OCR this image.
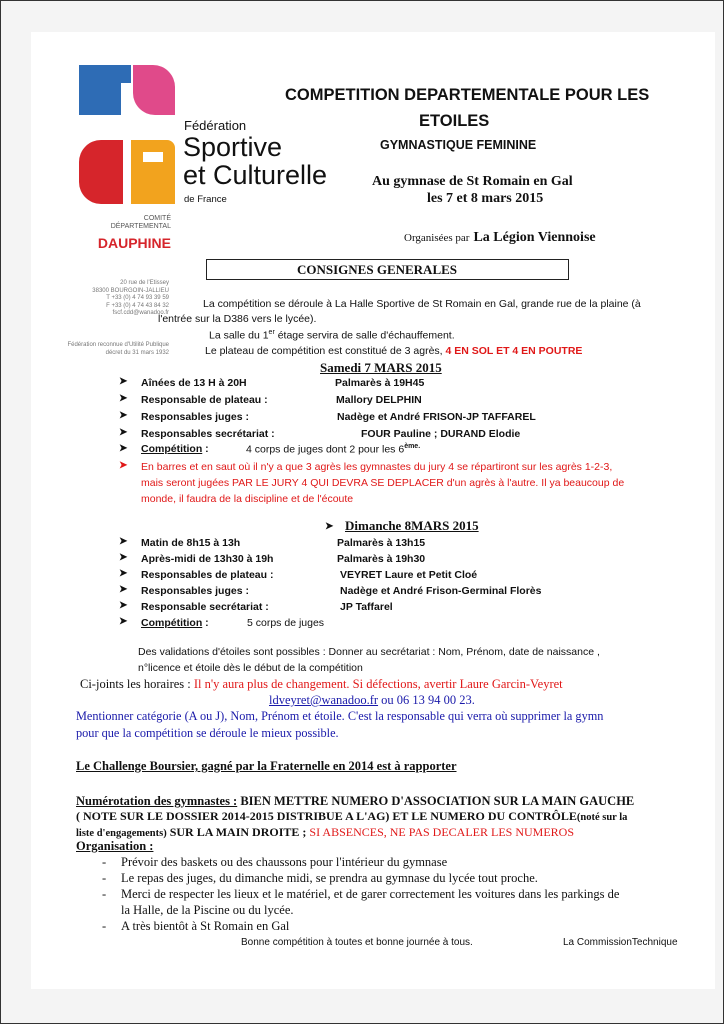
Fédération
Sportive
et Culturelle
de France
COMITÉ
DÉPARTEMENTAL
DAUPHINE
20 rue de l'Etissey
38300 BOURGOIN-JALLIEU
T +33 (0) 4 74 93 39 59
F +33 (0) 4 74 43 84 32
fscf.cdd@wanadoo.fr
Fédération reconnue d'Utilité Publique
décret du 31 mars 1932
COMPETITION DEPARTEMENTALE POUR LES
ETOILES
GYMNASTIQUE FEMININE
Au gymnase de St Romain en Gal
les 7 et 8 mars 2015
Organisées par La Légion Viennoise
CONSIGNES GENERALES
La compétition se déroule à La Halle Sportive de St Romain en Gal, grande rue de la plaine (à
l'entrée sur la D386 vers le lycée).
La salle du 1er étage servira de salle d'échauffement.
Le plateau de compétition est constitué de 3 agrès, 4 EN SOL ET 4 EN POUTRE
Samedi 7 MARS 2015
➤ Aînées de 13 H à 20H	Palmarès à 19H45
➤ Responsable de plateau :	Mallory DELPHIN
➤ Responsables juges :	Nadège et André FRISON-JP TAFFAREL
➤ Responsables secrétariat :	FOUR Pauline ; DURAND Elodie
➤ Compétition :	4 corps de juges dont 2 pour les $6^{ème.}$
➤ En barres et en saut où il n'y a que 3 agrès les gymnastes du jury 4 se répartiront sur les agrès 1-2-3,
mais seront jugées PAR LE JURY 4 QUI DEVRA SE DEPLACER d'un agrès à l'autre. Il ya beaucoup de
monde, il faudra de la discipline et de l'écoute
➤ Dimanche 8MARS 2015
➤ Matin de 8h15 à 13h	Palmarès à 13h15
➤ Après-midi de 13h30 à 19h	Palmarès à 19h30
➤ Responsables de plateau :	VEYRET Laure et Petit Cloé
➤ Responsables juges :	Nadège et André Frison-Germinal Florès
➤ Responsable secrétariat :	JP Taffarel
➤ Compétition :	5 corps de juges
Des validations d'étoiles sont possibles : Donner au secrétariat : Nom, Prénom, date de naissance ,
n°licence et étoile dès le début de la compétition
Ci-joints les horaires : Il n'y aura plus de changement. Si défections, avertir Laure Garcin-Veyret
ldveyret@wanadoo.fr ou 06 13 94 00 23.
Mentionner catégorie (A ou J), Nom, Prénom et étoile. C'est la responsable qui verra où supprimer la gymn
pour que la compétition se déroule le mieux possible.
Le Challenge Boursier, gagné par la Fraternelle en 2014 est à rapporter
Numérotation des gymnastes : BIEN METTRE NUMERO D'ASSOCIATION SUR LA MAIN GAUCHE
( NOTE SUR LE DOSSIER 2014-2015 DISTRIBUE A L'AG) ET LE NUMERO DU CONTRÔLE(noté sur la
liste d'engagements) SUR LA MAIN DROITE ; SI ABSENCES, NE PAS DECALER LES NUMEROS
Organisation :
- Prévoir des baskets ou des chaussons pour l'intérieur du gymnase
- Le repas des juges, du dimanche midi, se prendra au gymnase du lycée tout proche.
- Merci de respecter les lieux et le matériel, et de garer correctement les voitures dans les parkings de
la Halle, de la Piscine ou du lycée.
- A très bientôt à St Romain en Gal
Bonne compétition à toutes et bonne journée à tous.	La CommissionTechnique
